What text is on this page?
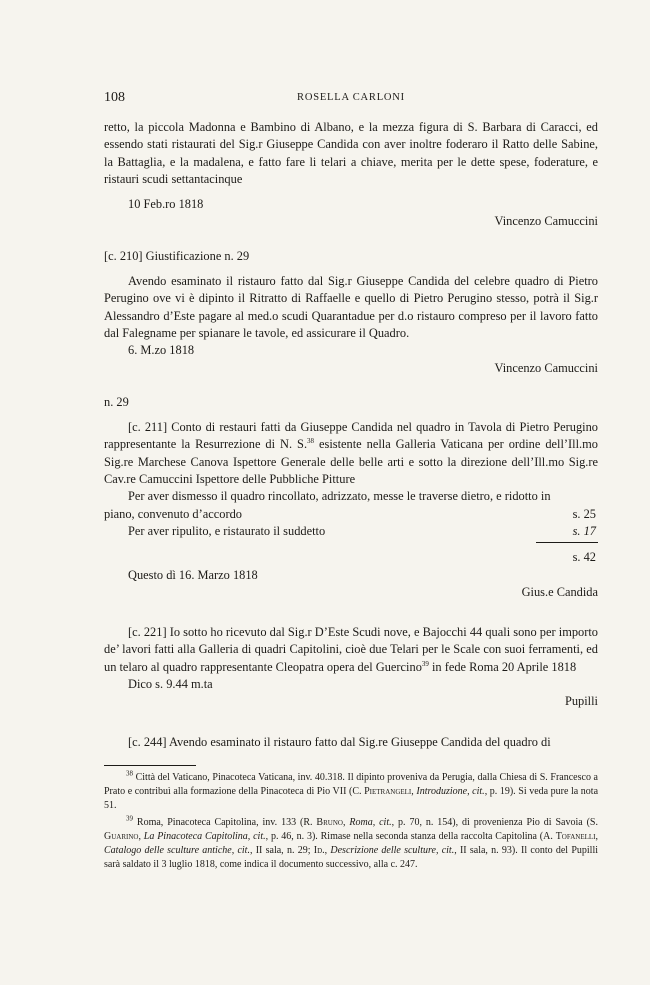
108	ROSELLA CARLONI

retto, la piccola Madonna e Bambino di Albano, e la mezza figura di S. Barbara di Caracci, ed essendo stati ristaurati del Sig.r Giuseppe Candida con aver inoltre foderaro il Ratto delle Sabine, la Battaglia, e la madalena, e fatto fare li telari a chiave, merita per le dette spese, foderature, e ristauri scudi settantacinque

10 Feb.ro 1818

Vincenzo Camuccini

[c. 210] Giustificazione n. 29

Avendo esaminato il ristauro fatto dal Sig.r Giuseppe Candida del celebre quadro di Pietro Perugino ove vi è dipinto il Ritratto di Raffaelle e quello di Pietro Perugino stesso, potrà il Sig.r Alessandro d’Este pagare al med.o scudi Quarantadue per d.o ristauro compreso per il lavoro fatto dal Falegname per spianare le tavole, ed assicurare il Quadro.

6. M.zo 1818

Vincenzo Camuccini

n. 29

[c. 211] Conto di restauri fatti da Giuseppe Candida nel quadro in Tavola di Pietro Perugino rappresentante la Resurrezione di N. S.$^{38}$ esistente nella Galleria Vaticana per ordine dell’Ill.mo Sig.re Marchese Canova Ispettore Generale delle belle arti e sotto la direzione dell’Ill.mo Sig.re Cav.re Camuccini Ispettore delle Pubbliche Pitture

Per aver dismesso il quadro rincollato, adrizzato, messe le traverse dietro, e ridotto in piano, convenuto d’accordo	s. 25
Per aver ripulito, e ristaurato il suddetto	s. 17

s. 42

Questo dì 16. Marzo 1818

Gius.e Candida

[c. 221] Io sotto ho ricevuto dal Sig.r D’Este Scudi nove, e Bajocchi 44 quali sono per importo de’ lavori fatti alla Galleria di quadri Capitolini, cioè due Telari per le Scale con suoi ferramenti, ed un telaro al quadro rappresentante Cleopatra opera del Guercino$^{39}$ in fede Roma 20 Aprile 1818

Dico s. 9.44 m.ta

Pupilli

[c. 244] Avendo esaminato il ristauro fatto dal Sig.re Giuseppe Candida del quadro di

$^{38}$ Città del Vaticano, Pinacoteca Vaticana, inv. 40.318. Il dipinto proveniva da Perugia, dalla Chiesa di S. Francesco a Prato e contribuì alla formazione della Pinacoteca di Pio VII (C. Pietrangeli, Introduzione, cit., p. 19). Si veda pure la nota 51.

$^{39}$ Roma, Pinacoteca Capitolina, inv. 133 (R. Bruno, Roma, cit., p. 70, n. 154), di provenienza Pio di Savoia (S. Guarino, La Pinacoteca Capitolina, cit., p. 46, n. 3). Rimase nella seconda stanza della raccolta Capitolina (A. Tofanelli, Catalogo delle sculture antiche, cit., II sala, n. 29; Id., Descrizione delle sculture, cit., II sala, n. 93). Il conto del Pupilli sarà saldato il 3 luglio 1818, come indica il documento successivo, alla c. 247.
